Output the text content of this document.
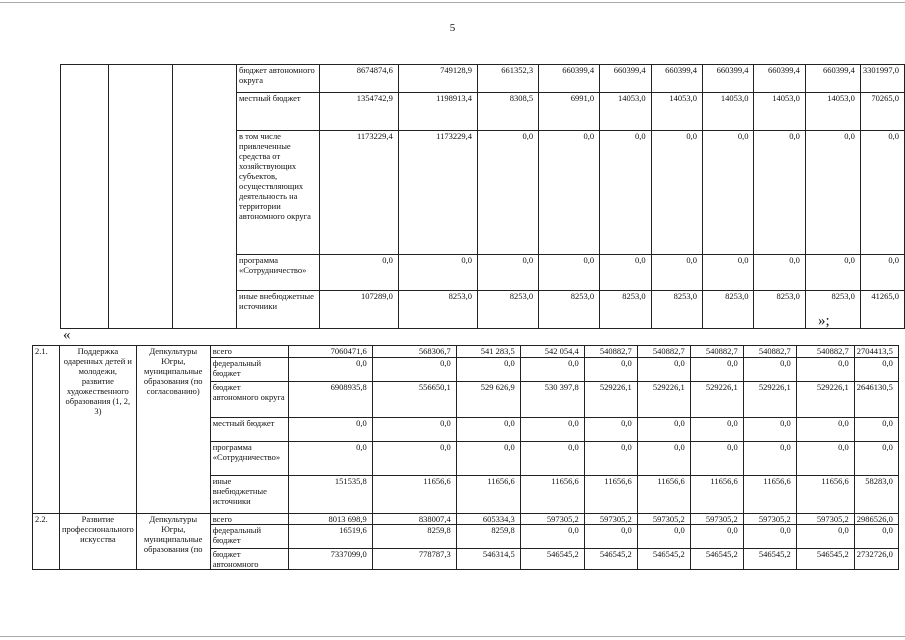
5
			бюджет автономного округа	8674874,6	749128,9	661352,3	660399,4	660399,4	660399,4	660399,4	660399,4	660399,4	3301997,0
			местный бюджет	1354742,9	1198913,4	8308,5	6991,0	14053,0	14053,0	14053,0	14053,0	14053,0	70265,0
			в том числе привлеченные средства от хозяйствующих субъектов, осуществляющих деятельность на территории автономного округа	1173229,4	1173229,4	0,0	0,0	0,0	0,0	0,0	0,0	0,0	0,0
			программа «Сотрудничество»	0,0	0,0	0,0	0,0	0,0	0,0	0,0	0,0	0,0	0,0
			иные внебюджетные источники	107289,0	8253,0	8253,0	8253,0	8253,0	8253,0	8253,0	8253,0	8253,0	41265,0
«
»;
2.1.	Поддержка одаренных детей и молодежи, развитие художественного образования (1, 2, 3)	Депкультуры Югры, муниципальные образования (по согласованию)	всего	7060471,6	568306,7	541 283,5	542 054,4	540882,7	540882,7	540882,7	540882,7	540882,7	2704413,5
			федеральный бюджет	0,0	0,0	0,0	0,0	0,0	0,0	0,0	0,0	0,0	0,0
			бюджет автономного округа	6908935,8	556650,1	529 626,9	530 397,8	529226,1	529226,1	529226,1	529226,1	529226,1	2646130,5
			местный бюджет	0,0	0,0	0,0	0,0	0,0	0,0	0,0	0,0	0,0	0,0
			программа «Сотрудничество»	0,0	0,0	0,0	0,0	0,0	0,0	0,0	0,0	0,0	0,0
			иные внебюджетные источники	151535,8	11656,6	11656,6	11656,6	11656,6	11656,6	11656,6	11656,6	11656,6	58283,0
2.2.	Развитие профессионального искусства	Депкультуры Югры, муниципальные образования (по	всего	8013 698,9	838007,4	605334,3	597305,2	597305,2	597305,2	597305,2	597305,2	597305,2	2986526,0
			федеральный бюджет	16519,6	8259,8	8259,8	0,0	0,0	0,0	0,0	0,0	0,0	0,0
			бюджет автономного	7337099,0	778787,3	546314,5	546545,2	546545,2	546545,2	546545,2	546545,2	546545,2	2732726,0
